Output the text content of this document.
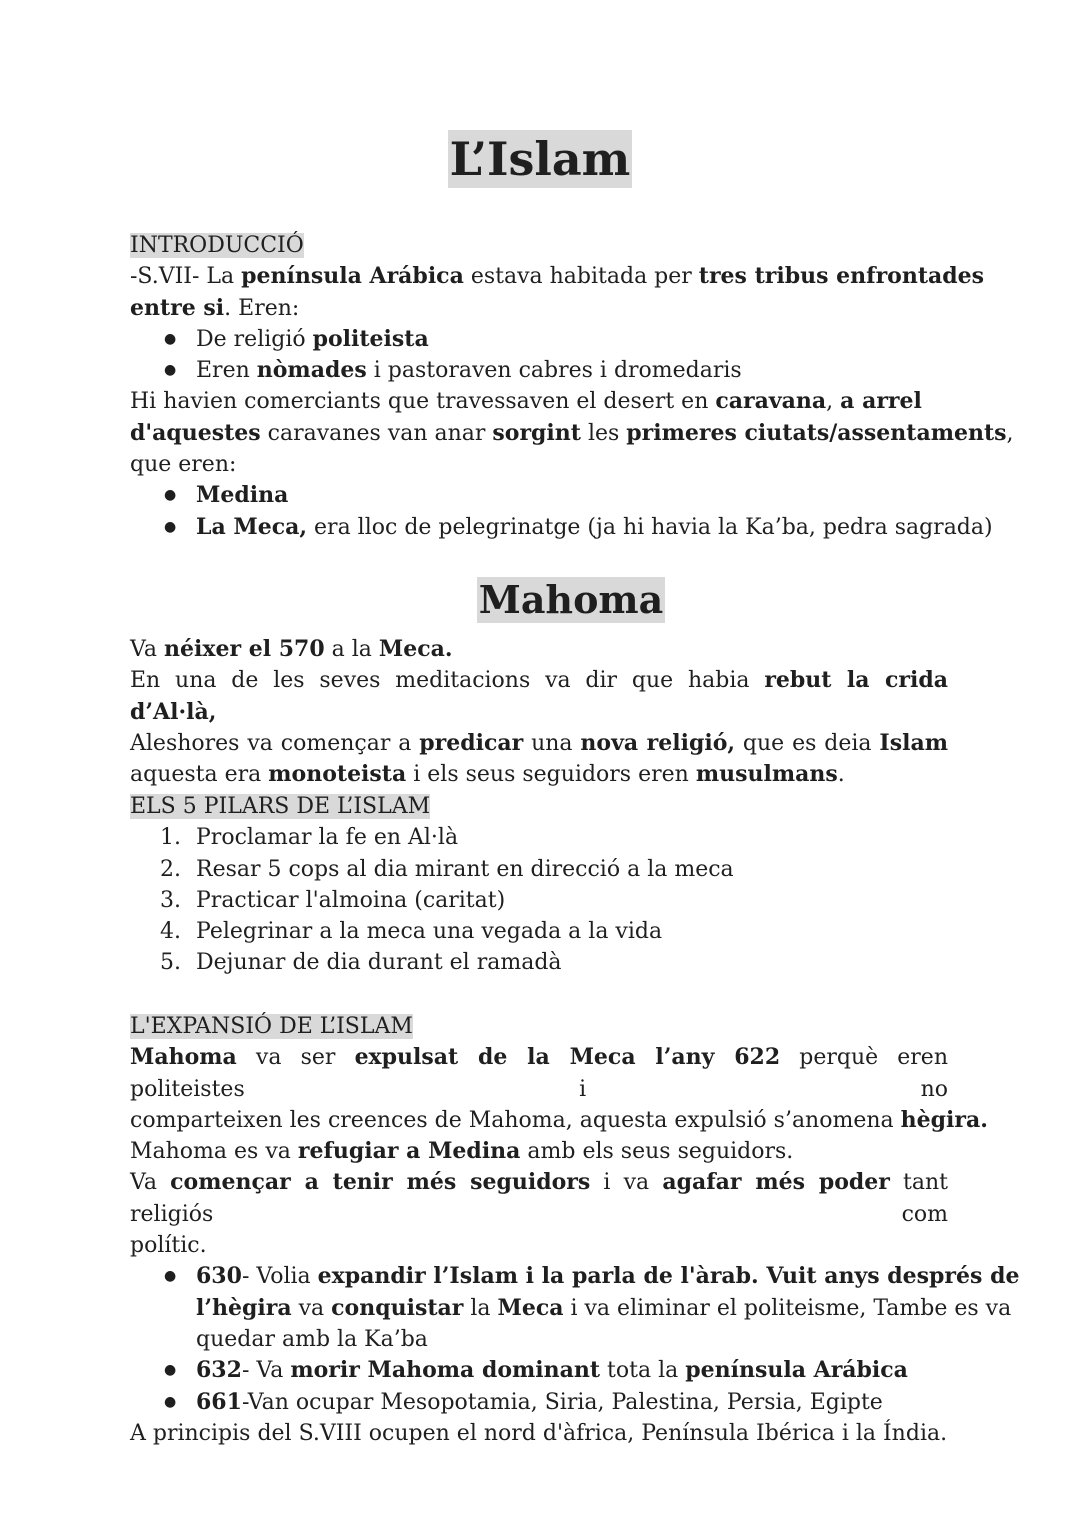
L’Islam

INTRODUCCIÓ

-S.VII- La península Arábica estava habitada per tres tribus enfrontades

entre si. Eren:

● De religió politeista
● Eren nòmades i pastoraven cabres i dromedaris

Hi havien comerciants que travessaven el desert en caravana, a arrel

d'aquestes caravanes van anar sorgint les primeres ciutats/assentaments,

que eren:

● Medina
● La Meca, era lloc de pelegrinatge (ja hi havia la Ka’ba, pedra sagrada)
Mahoma

Va néixer el 570 a la Meca.

En una de les seves meditacions va dir que habia rebut la crida d’Al·là,

Aleshores va començar a predicar una nova religió, que es deia Islam

aquesta era monoteista i els seus seguidors eren musulmans.

ELS 5 PILARS DE L’ISLAM

1. Proclamar la fe en Al·là
2. Resar 5 cops al dia mirant en direcció a la meca
3. Practicar l'almoina (caritat)
4. Pelegrinar a la meca una vegada a la vida
5. Dejunar de dia durant el ramadà

L'EXPANSIÓ DE L’ISLAM

Mahoma va ser expulsat de la Meca l’any 622 perquè eren politeistes i no

comparteixen les creences de Mahoma, aquesta expulsió s’anomena hègira.

Mahoma es va refugiar a Medina amb els seus seguidors.

Va començar a tenir més seguidors i va agafar més poder tant religiós com

polític.

● 630- Volia expandir l’Islam i la parla de l'àrab. Vuit anys després de
l’hègira va conquistar la Meca i va eliminar el politeisme, Tambe es va
quedar amb la Ka’ba
● 632- Va morir Mahoma dominant tota la península Arábica
● 661-Van ocupar Mesopotamia, Siria, Palestina, Persia, Egipte

A principis del S.VIII ocupen el nord d'àfrica, Península Ibérica i la Índia.
